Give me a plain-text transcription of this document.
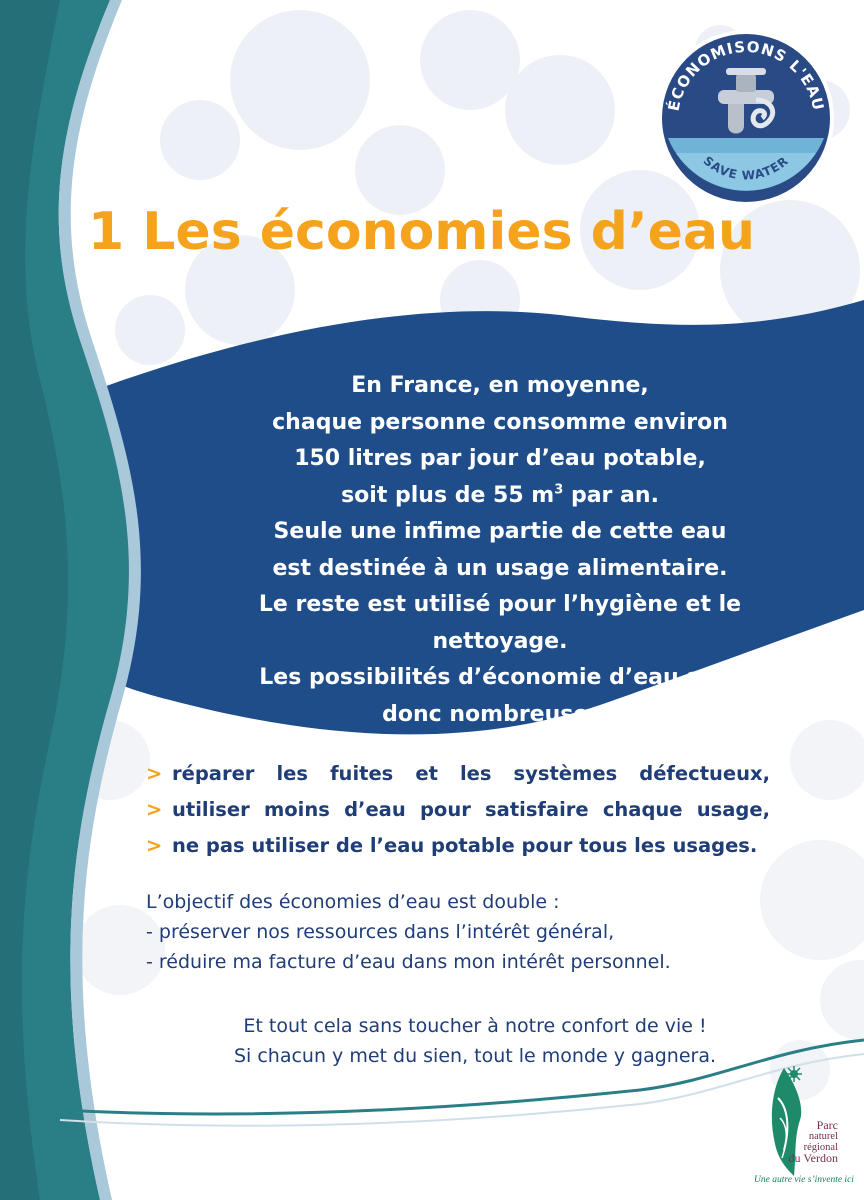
ÉCONOMISONS L'EAU
SAVE WATER
1 Les économies d’eau
En France, en moyenne,
chaque personne consomme environ
150 litres par jour d’eau potable,
soit plus de 55 $m^3$ par an.
Seule une infime partie de cette eau
est destinée à un usage alimentaire.
Le reste est utilisé pour l’hygiène et le
nettoyage.
Les possibilités d’économie d’eau sont
donc nombreuses :
> réparer les fuites et les systèmes défectueux,
> utiliser moins d’eau pour satisfaire chaque usage,
> ne pas utiliser de l’eau potable pour tous les usages.
L’objectif des économies d’eau est double :
- préserver nos ressources dans l’intérêt général,
- réduire ma facture d’eau dans mon intérêt personnel.
Et tout cela sans toucher à notre confort de vie !
Si chacun y met du sien, tout le monde y gagnera.
Parc
naturel
régional
du Verdon
Une autre vie s’invente ici
